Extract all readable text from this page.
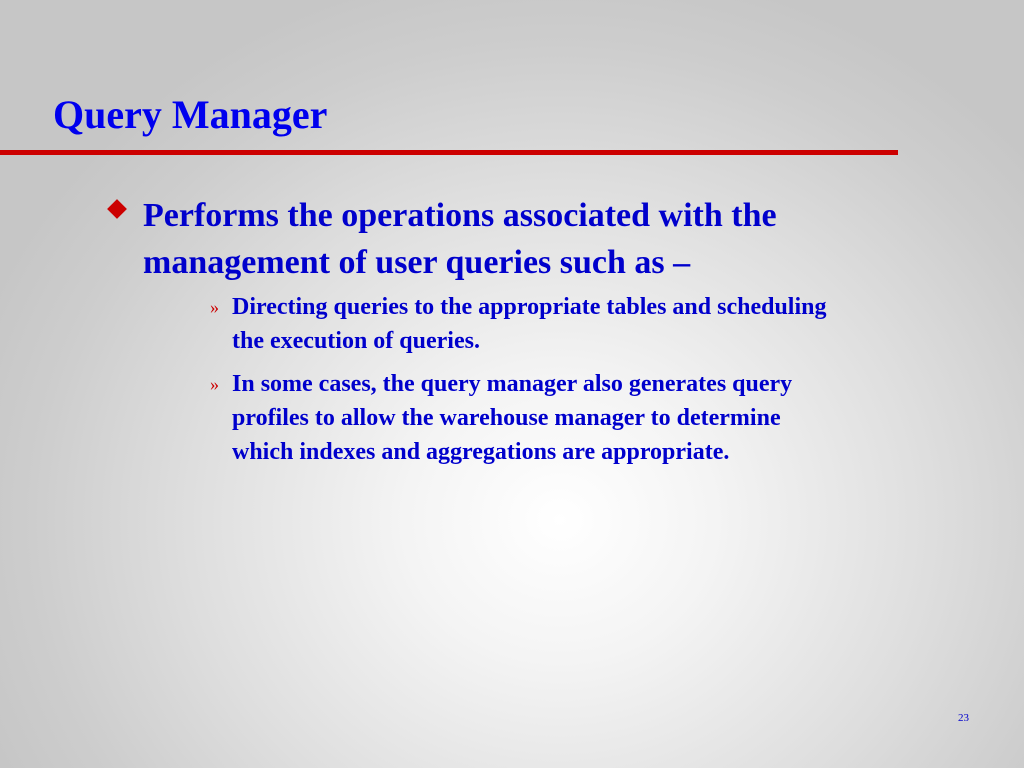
Query Manager
Performs the operations associated with the management of user queries such as –
» Directing queries to the appropriate tables and scheduling the execution of queries.
» In some cases, the query manager also generates query profiles to allow the warehouse manager to determine which indexes and aggregations are appropriate.
23
